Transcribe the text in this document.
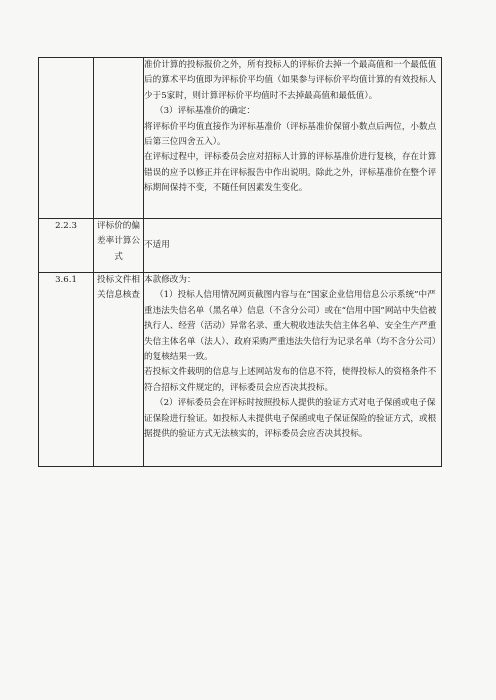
		准价计算的投标报价之外，所有投标人的评标价去掉一个最高值和一个最低值后的算术平均值即为评标价平均值（如果参与评标价平均值计算的有效投标人少于5家时，则计算评标价平均值时不去掉最高值和最低值）。

（3）评标基准价的确定：

将评标价平均值直接作为评标基准价（评标基准价保留小数点后两位，小数点后第三位四舍五入）。

在评标过程中，评标委员会应对招标人计算的评标基准价进行复核，存在计算错误的应予以修正并在评标报告中作出说明。除此之外，评标基准价在整个评标期间保持不变，不随任何因素发生变化。

2.2.3	评标价的偏差率计算公式	不适用

3.6.1	投标文件相关信息核查	本款修改为：

（1）投标人信用情况网页截图内容与在“国家企业信用信息公示系统”中严重违法失信名单（黑名单）信息（不含分公司）或在“信用中国”网站中失信被执行人、经营（活动）异常名录、重大税收违法失信主体名单、安全生产严重失信主体名单（法人）、政府采购严重违法失信行为记录名单（均不含分公司）的复核结果一致。

若投标文件载明的信息与上述网站发布的信息不符，使得投标人的资格条件不符合招标文件规定的，评标委员会应否决其投标。

（2）评标委员会在评标时按照投标人提供的验证方式对电子保函或电子保证保险进行验证。如投标人未提供电子保函或电子保证保险的验证方式，或根据提供的验证方式无法核实的，评标委员会应否决其投标。
